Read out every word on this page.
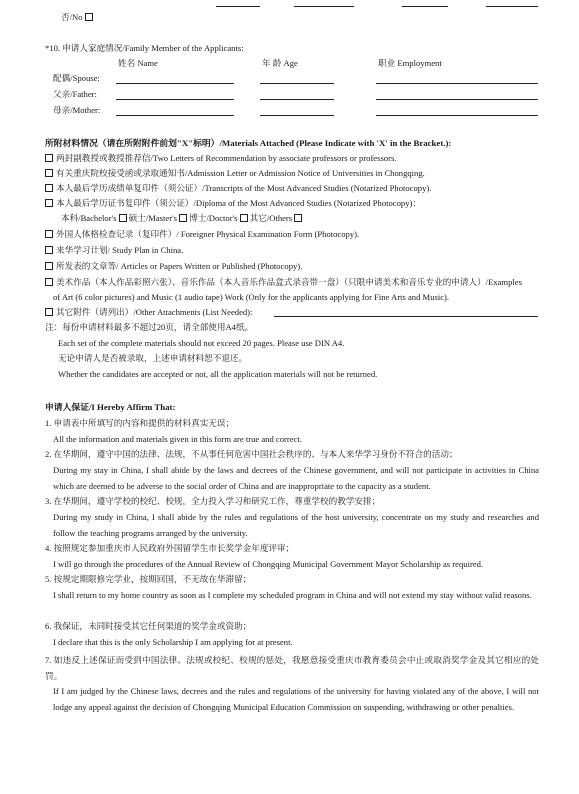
否/No
*10. 申请人家庭情况/Family Member of the Applicants:
姓名 Name	年 龄 Age	职业 Employment
配偶/Spouse:
父亲/Father:
母亲/Mother:
所附材料情况（请在所附附件前划"X"标明）/Materials Attached (Please Indicate with 'X' in the Bracket.):
两封副教授或教授推荐信/Two Letters of Recommendation by associate professors or professors.
有关重庆院校接受函或录取通知书/Admission Letter or Admission Notice of Universities in Chongqing.
本人最后学历成绩单复印件（须公证）/Transcripts of the Most Advanced Studies (Notarized Photocopy).
本人最后学历证书复印件（须公证）/Diploma of the Most Advanced Studies (Notarized Photocopy)：
本科/Bachelor's 硕士/Master's 博士/Doctor's 其它/Others
外国人体格检查记录（复印件）/ Foreigner Physical Examination Form (Photocopy).
来华学习计划/ Study Plan in China.
所发表的文章等/ Articles or Papers Written or Published (Photocopy).
美术作品（本人作品彩照六张）、音乐作品（本人音乐作品盒式录音带一盘）（只限申请美术和音乐专业的申请人）/Examples
of Art (6 color pictures) and Music (1 audio tape) Work (Only for the applicants applying for Fine Arts and Music).
其它附件（请列出）/Other Attachments (List Needed):
注：每份申请材料最多不超过20页，请全部使用A4纸。
Each set of the complete materials should not exceed 20 pages. Please use DIN A4.
无论申请人是否被录取，上述申请材料恕不退还。
Whether the candidates are accepted or not, all the application materials will not be returned.
申请人保证/I Hereby Affirm That:
1. 申请表中所填写的内容和提供的材料真实无误；
All the information and materials given in this form are true and correct.
2. 在华期间，遵守中国的法律、法规，不从事任何危害中国社会秩序的、与本人来华学习身份不符合的活动；
During my stay in China, I shall abide by the laws and decrees of the Chinese government, and will not participate in activities in China which are deemed to be adverse to the social order of China and are inappropriate to the capacity as a student.
3. 在华期间，遵守学校的校纪、校规，全力投入学习和研究工作，尊重学校的教学安排；
During my study in China, I shall abide by the rules and regulations of the host university, concentrate on my study and researches and follow the teaching programs arranged by the university.
4. 按照规定参加重庆市人民政府外国留学生市长奖学金年度评审；
I will go through the procedures of the Annual Review of Chongqing Municipal Government Mayor Scholarship as required.
5. 按规定期限修完学业，按期回国，不无故在华滞留；
I shall return to my home country as soon as I complete my scheduled program in China and will not extend my stay without valid reasons.
6. 我保证，未同时接受其它任何渠道的奖学金或资助；
I declare that this is the only Scholarship I am applying for at present.
7. 如违反上述保证而受到中国法律、法规或校纪、校规的惩处，我愿意接受重庆市教育委员会中止或取消奖学金及其它相应的处罚。
If I am judged by the Chinese laws, decrees and the rules and regulations of the university for having violated any of the above, I will not lodge any appeal against the decision of Chongqing Municipal Education Commission on suspending, withdrawing or other penalties.
